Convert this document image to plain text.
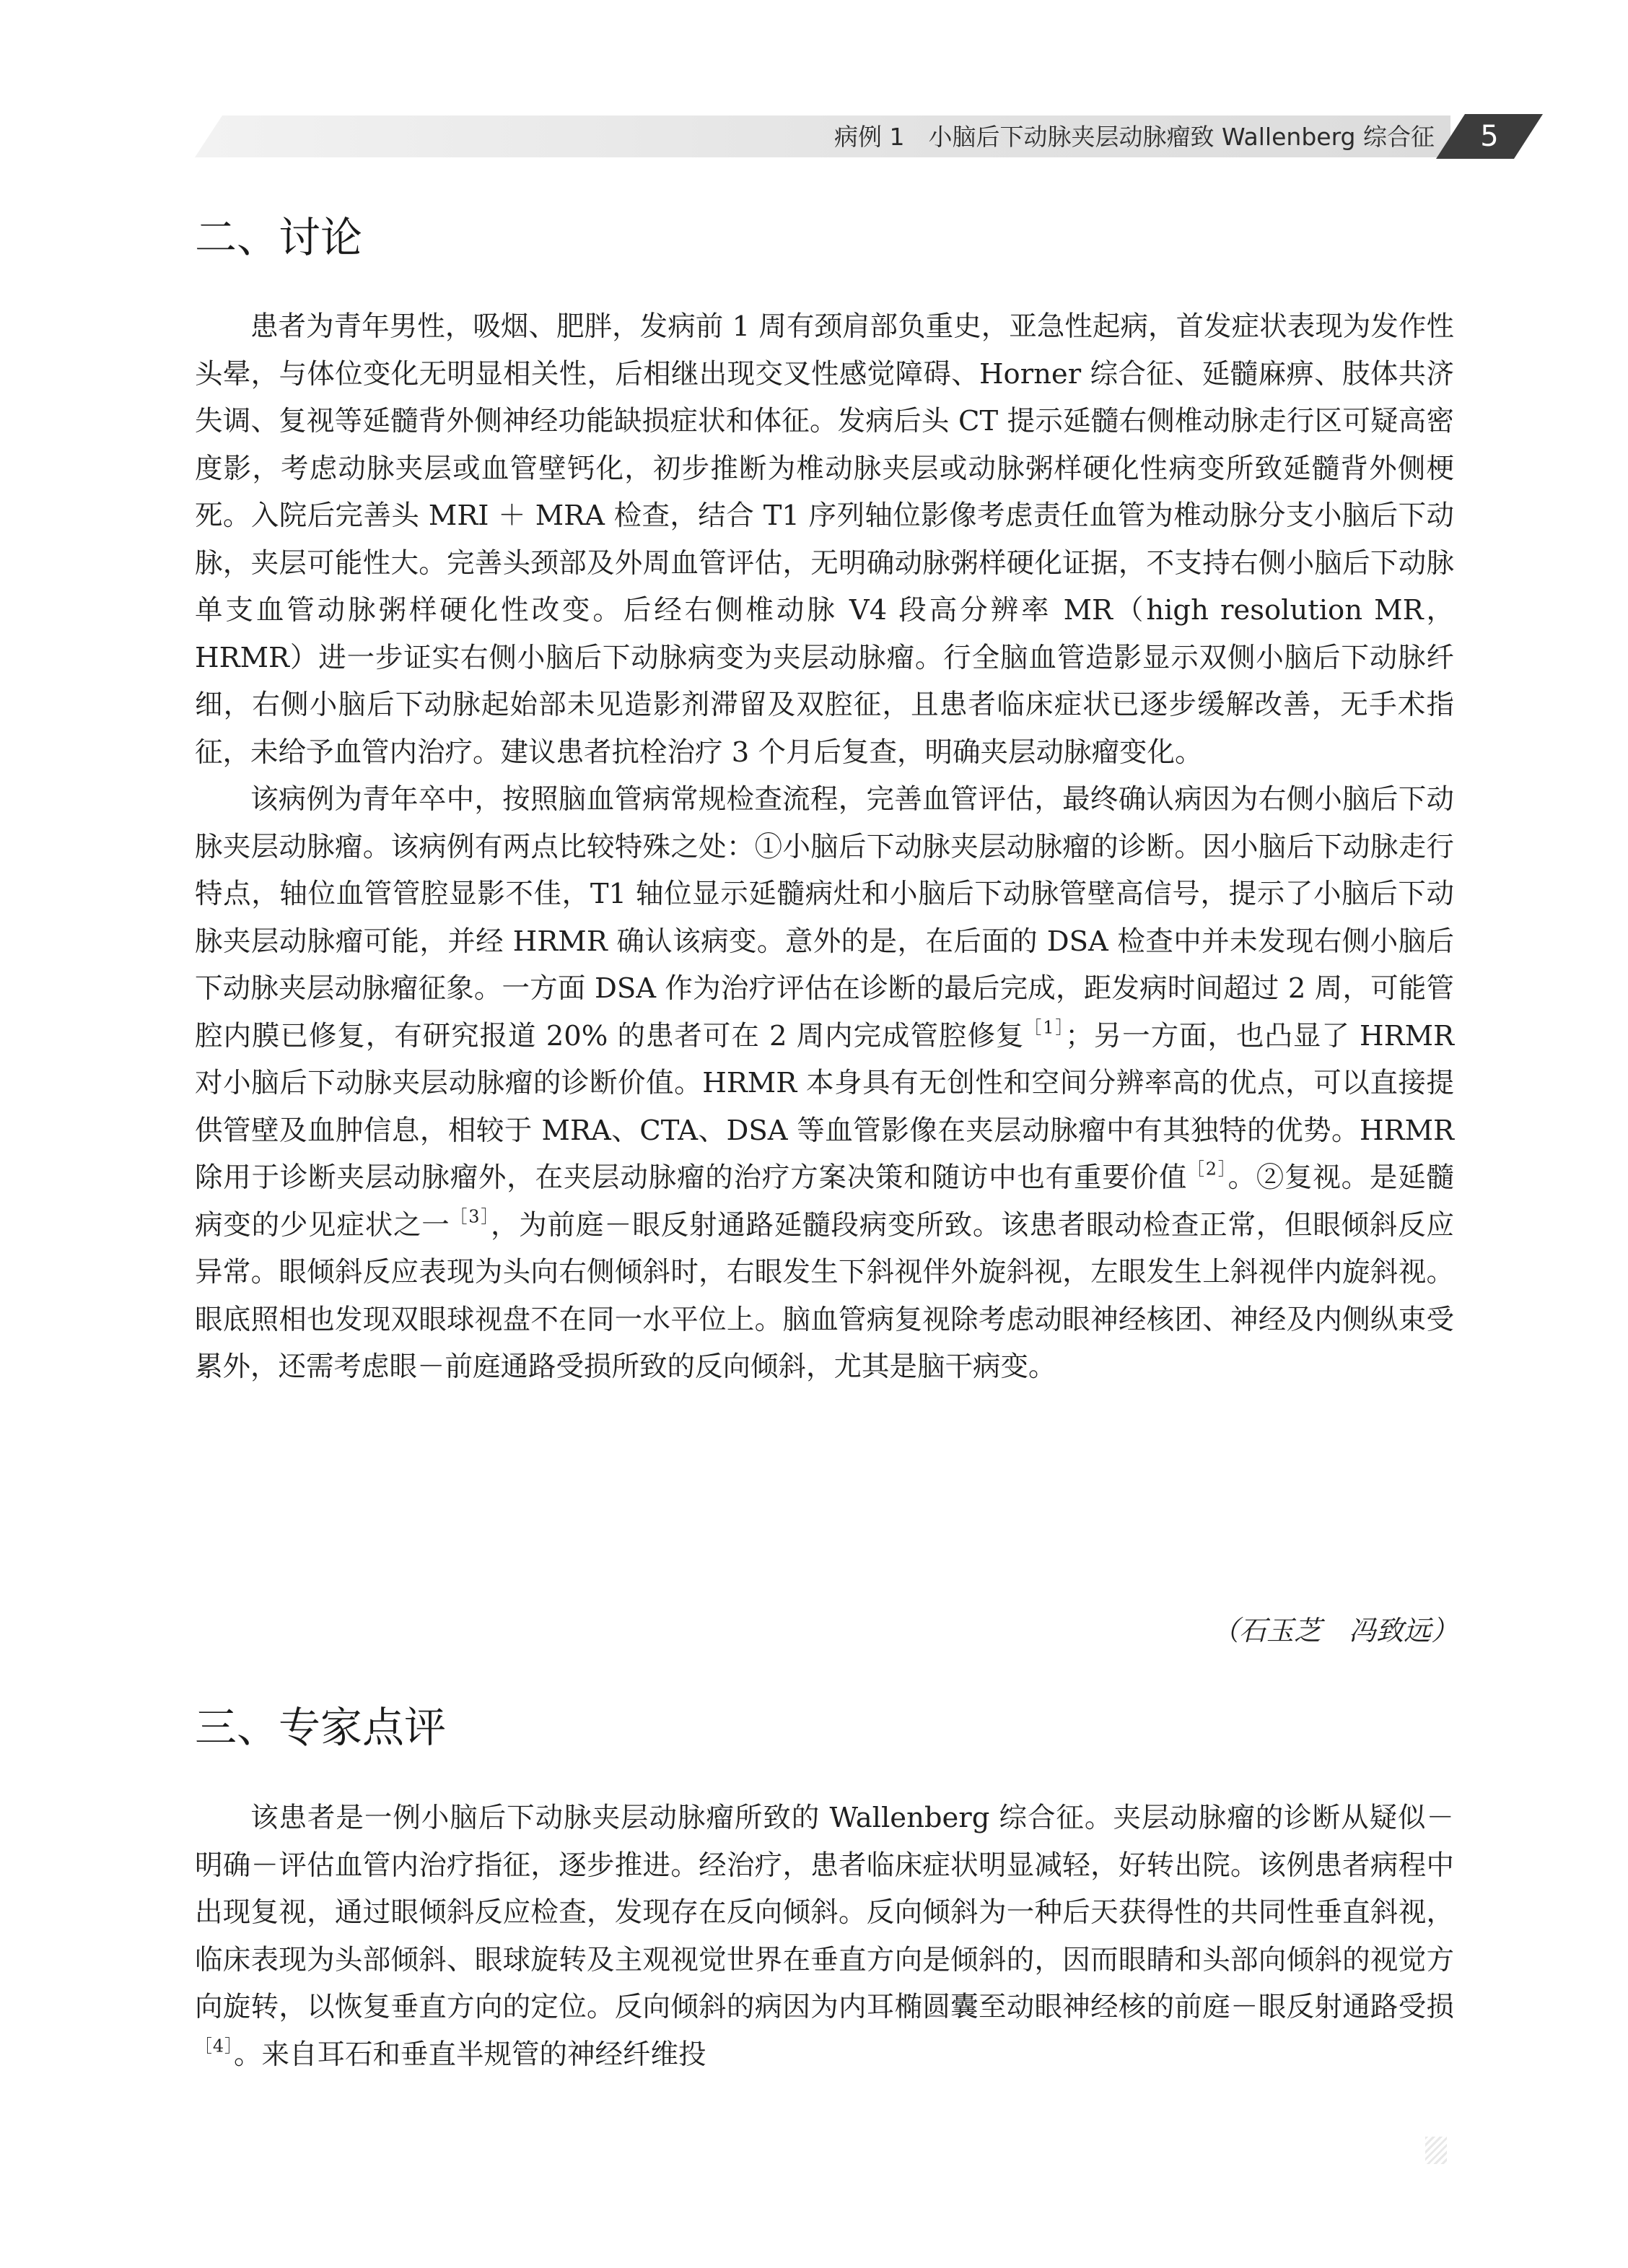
病例 1　小脑后下动脉夹层动脉瘤致 Wallenberg 综合征	5
二、讨论

患者为青年男性，吸烟、肥胖，发病前 1 周有颈肩部负重史，亚急性起病，首发症状表现为发作性头晕，与体位变化无明显相关性，后相继出现交叉性感觉障碍、Horner 综合征、延髓麻痹、肢体共济失调、复视等延髓背外侧神经功能缺损症状和体征。发病后头 CT 提示延髓右侧椎动脉走行区可疑高密度影，考虑动脉夹层或血管壁钙化，初步推断为椎动脉夹层或动脉粥样硬化性病变所致延髓背外侧梗死。入院后完善头 MRI ＋ MRA 检查，结合 T1 序列轴位影像考虑责任血管为椎动脉分支小脑后下动脉，夹层可能性大。完善头颈部及外周血管评估，无明确动脉粥样硬化证据，不支持右侧小脑后下动脉单支血管动脉粥样硬化性改变。后经右侧椎动脉 V4 段高分辨率 MR（high resolution MR，HRMR）进一步证实右侧小脑后下动脉病变为夹层动脉瘤。行全脑血管造影显示双侧小脑后下动脉纤细，右侧小脑后下动脉起始部未见造影剂滞留及双腔征，且患者临床症状已逐步缓解改善，无手术指征，未给予血管内治疗。建议患者抗栓治疗 3 个月后复查，明确夹层动脉瘤变化。

该病例为青年卒中，按照脑血管病常规检查流程，完善血管评估，最终确认病因为右侧小脑后下动脉夹层动脉瘤。该病例有两点比较特殊之处：①小脑后下动脉夹层动脉瘤的诊断。因小脑后下动脉走行特点，轴位血管管腔显影不佳，T1 轴位显示延髓病灶和小脑后下动脉管壁高信号，提示了小脑后下动脉夹层动脉瘤可能，并经 HRMR 确认该病变。意外的是，在后面的 DSA 检查中并未发现右侧小脑后下动脉夹层动脉瘤征象。一方面 DSA 作为治疗评估在诊断的最后完成，距发病时间超过 2 周，可能管腔内膜已修复，有研究报道 20% 的患者可在 2 周内完成管腔修复$^{[1]}$；另一方面，也凸显了 HRMR 对小脑后下动脉夹层动脉瘤的诊断价值。HRMR 本身具有无创性和空间分辨率高的优点，可以直接提供管壁及血肿信息，相较于 MRA、CTA、DSA 等血管影像在夹层动脉瘤中有其独特的优势。HRMR 除用于诊断夹层动脉瘤外，在夹层动脉瘤的治疗方案决策和随访中也有重要价值$^{[2]}$。②复视。是延髓病变的少见症状之一$^{[3]}$，为前庭－眼反射通路延髓段病变所致。该患者眼动检查正常，但眼倾斜反应异常。眼倾斜反应表现为头向右侧倾斜时，右眼发生下斜视伴外旋斜视，左眼发生上斜视伴内旋斜视。眼底照相也发现双眼球视盘不在同一水平位上。脑血管病复视除考虑动眼神经核团、神经及内侧纵束受累外，还需考虑眼－前庭通路受损所致的反向倾斜，尤其是脑干病变。

（石玉芝　冯致远）
三、专家点评

该患者是一例小脑后下动脉夹层动脉瘤所致的 Wallenberg 综合征。夹层动脉瘤的诊断从疑似－明确－评估血管内治疗指征，逐步推进。经治疗，患者临床症状明显减轻，好转出院。该例患者病程中出现复视，通过眼倾斜反应检查，发现存在反向倾斜。反向倾斜为一种后天获得性的共同性垂直斜视，临床表现为头部倾斜、眼球旋转及主观视觉世界在垂直方向是倾斜的，因而眼睛和头部向倾斜的视觉方向旋转，以恢复垂直方向的定位。反向倾斜的病因为内耳椭圆囊至动眼神经核的前庭－眼反射通路受损$^{[4]}$。来自耳石和垂直半规管的神经纤维投
